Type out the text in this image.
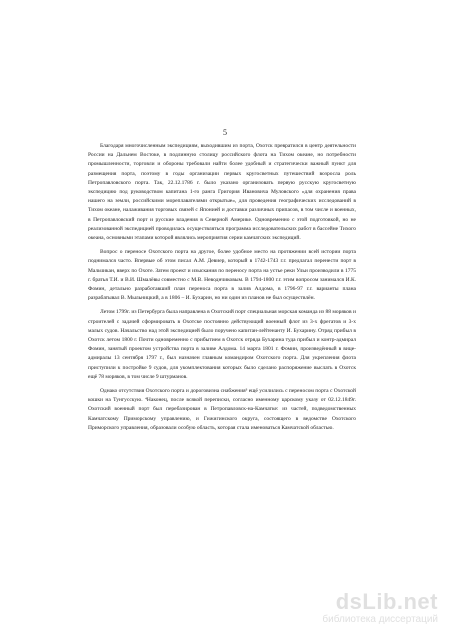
5

Благодаря многочисленным экспедициям, выходившим из порта, Охотск превратился в центр деятельности России на Дальнем Востоке, в подлинную столицу российского флота на Тихом океане, но потребности промышленности, торговли и обороны требовали найти более удобный и стратегически важный пункт для размещения порта, поэтому в годы организации первых кругосветных путешествий возросла роль Петропавловского порта. Так, 22.12.1786 г. было указано организовать первую русскую кругосветную экспедицию под руководством капитана 1-го ранга Григория Ивановича Муловского «для охранения права нашего на земли, российскими мореплавателями открытые», для проведения географических исследований в Тихом океане, налаживания торговых связей с Японией и доставки различных припасов, в том числе и военных, в Петропавловский порт и русские владения в Северной Америке. Одновременно с этой подготовкой, но не реализованной экспедицией проводилась осуществляться программа исследовательских работ в бассейне Тихого океана, основными этапами которой являлись мероприятия серии камчатских экспедиций.

Вопрос о переносе Охотского порта на другое, более удобное место на протяжении всей истории порта поднимался часто. Впервые об этом писал А.М. Девиер, который в 1742-1743 г.г. предлагал перенести порт в Мальчикан, вверх по Охоте. Затем проект и изыскания по переносу порта на устье реки Ульи производили в 1775 г. братья Т.И. и В.И. Шмалёвы совместно с М.В. Неводнчиковым. В 1794-1800 г.г. этим вопросом занимался И.К. Фомин, детально разработавший план переноса порта в залив Алдома, в 1796-97 г.г. варианты плана разрабатывал В. Мыльницкий, а в 1806 – И. Бухарин, но ни один из планов не был осуществлён.

Летом 1799г. из Петербурга была направлена в Охотский порт специальная морская команда из 88 моряков и строителей с задачей сформировать в Охотске постоянно действующий военный флот из 3-х фрегатов и 3-х малых судов. Начальство над этой экспедицией было поручено капитан-лейтенанту И. Бухарину. Отряд прибыл в Охотск летом 1800 г. Почти одновременно с прибытием в Охотск отряда Бухарина туда прибыл и контр-адмирал Фомин, занятый проектом устройства порта в заливе Алдома. 14 марта 1801 г. Фомин, произведённый в вице-адмиралы 13 сентября 1797 г., был назначен главным командиром Охотского порта. Для укрепления флота приступили к постройке 9 судов, для укомплектования которых было сделано распоряжение выслать в Охотск ещё 78 моряков, в том числе 9 штурманов.

Однако отсутствия Охотского порта и дороговизна снабжения³ ещё усилились с переносом порта с Охотской кошки на Тунгусскую. ⁴Наконец, после всякой переписки, согласно именному царскому указу от 02.12.1849г. Охотский военный порт был перебазирован в Петропавловск-на-Камчатке: из частей, подведомственных Камчатскому Приморскому управлению, и Гижигинского округа, состоящего в ведомстве Охотского Приморского управления, образовали особую область, которая стала именоваться Камчатской областью.

dsLib.net
библиотека диссертаций
